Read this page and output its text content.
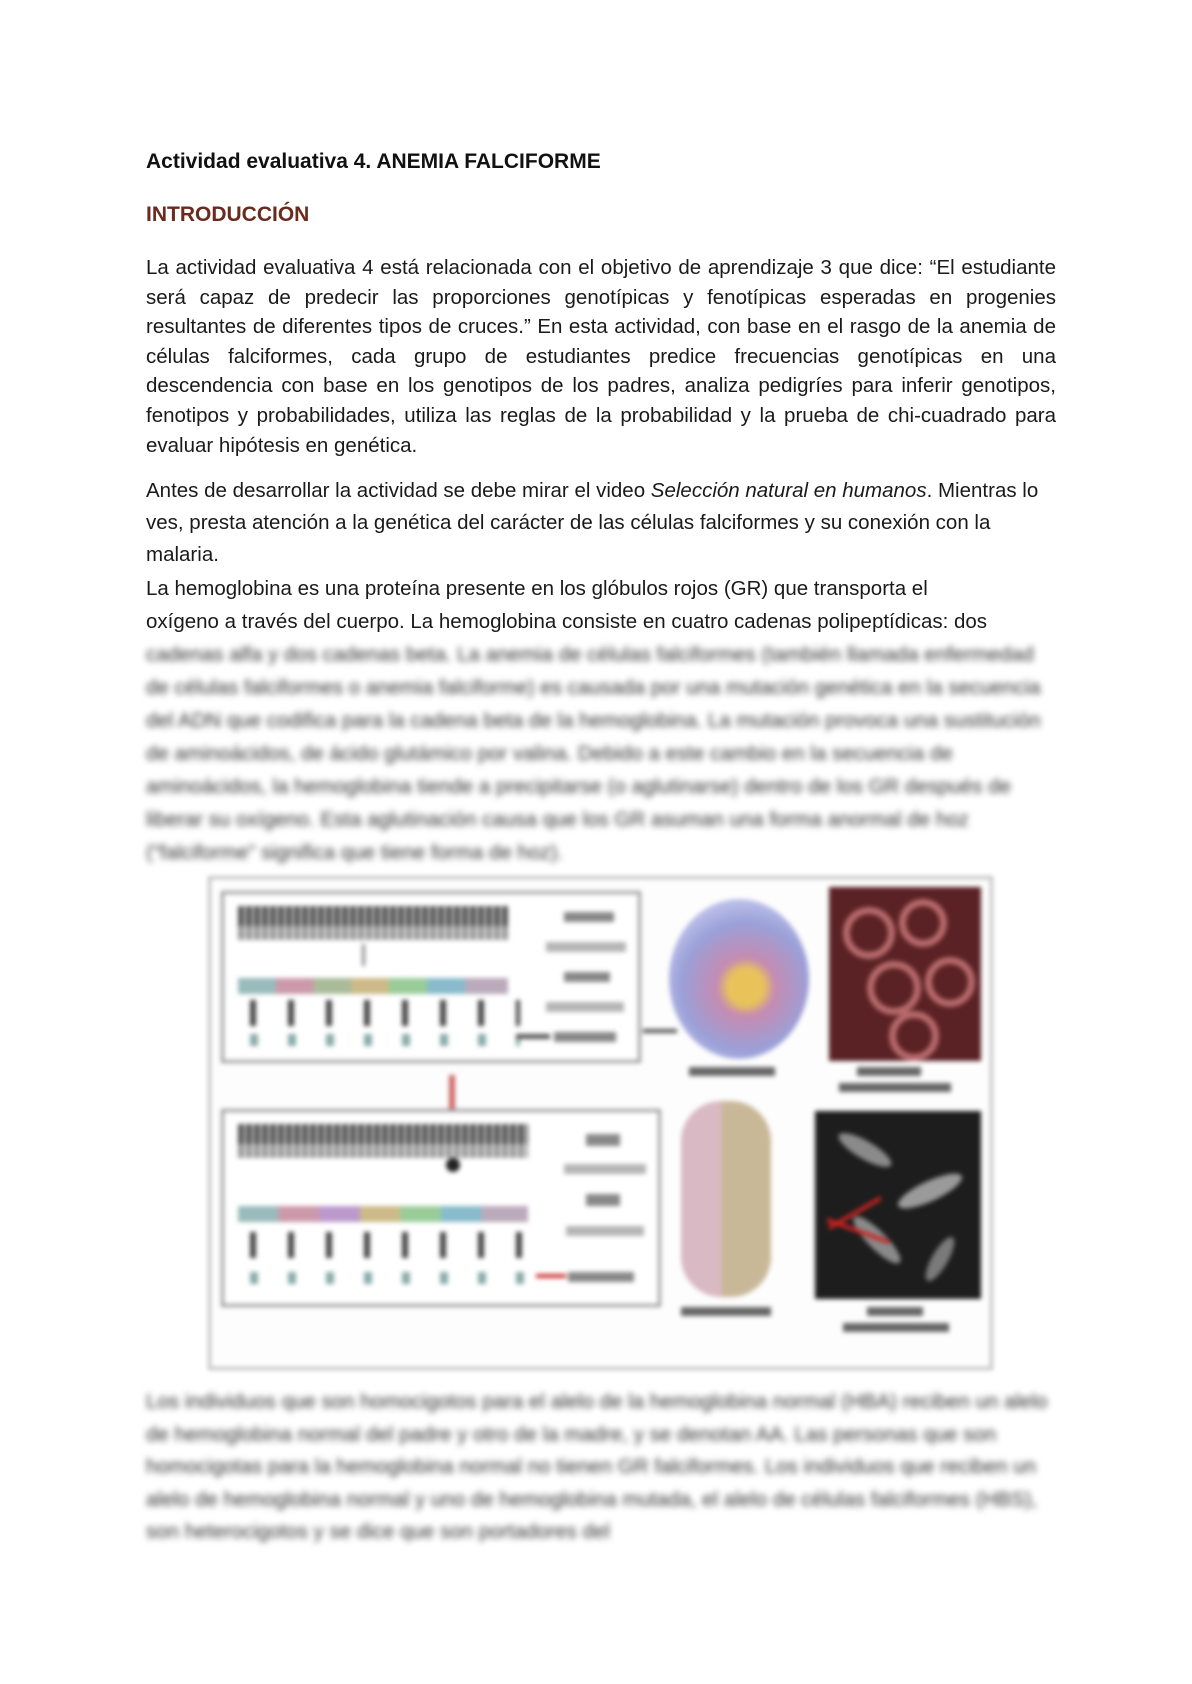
Actividad evaluativa 4. ANEMIA FALCIFORME
INTRODUCCIÓN

La actividad evaluativa 4 está relacionada con el objetivo de aprendizaje 3 que dice: “El estudiante será capaz de predecir las proporciones genotípicas y fenotípicas esperadas en progenies resultantes de diferentes tipos de cruces.” En esta actividad, con base en el rasgo de la anemia de células falciformes, cada grupo de estudiantes predice frecuencias genotípicas en una descendencia con base en los genotipos de los padres, analiza pedigríes para inferir genotipos, fenotipos y probabilidades, utiliza las reglas de la probabilidad y la prueba de chi-cuadrado para evaluar hipótesis en genética.

Antes de desarrollar la actividad se debe mirar el video Selección natural en humanos. Mientras lo ves, presta atención a la genética del carácter de las células falciformes y su conexión con la malaria.

La hemoglobina es una proteína presente en los glóbulos rojos (GR) que transporta el
oxígeno a través del cuerpo. La hemoglobina consiste en cuatro cadenas polipeptídicas: dos
cadenas alfa y dos cadenas beta. La anemia de células falciformes (también llamada enfermedad de células falciformes o anemia falciforme) es causada por una mutación genética en la secuencia del ADN que codifica para la cadena beta de la hemoglobina. La mutación provoca una sustitución de aminoácidos, de ácido glutámico por valina. Debido a este cambio en la secuencia de aminoácidos, la hemoglobina tiende a precipitarse (o aglutinarse) dentro de los GR después de liberar su oxígeno. Esta aglutinación causa que los GR asuman una forma anormal de hoz (“falciforme” significa que tiene forma de hoz).

Los individuos que son homocigotos para el alelo de la hemoglobina normal (HBA) reciben un alelo de hemoglobina normal del padre y otro de la madre, y se denotan AA. Las personas que son homocigotas para la hemoglobina normal no tienen GR falciformes. Los individuos que reciben un alelo de hemoglobina normal y uno de hemoglobina mutada, el alelo de células falciformes (HBS), son heterocigotos y se dice que son portadores del
